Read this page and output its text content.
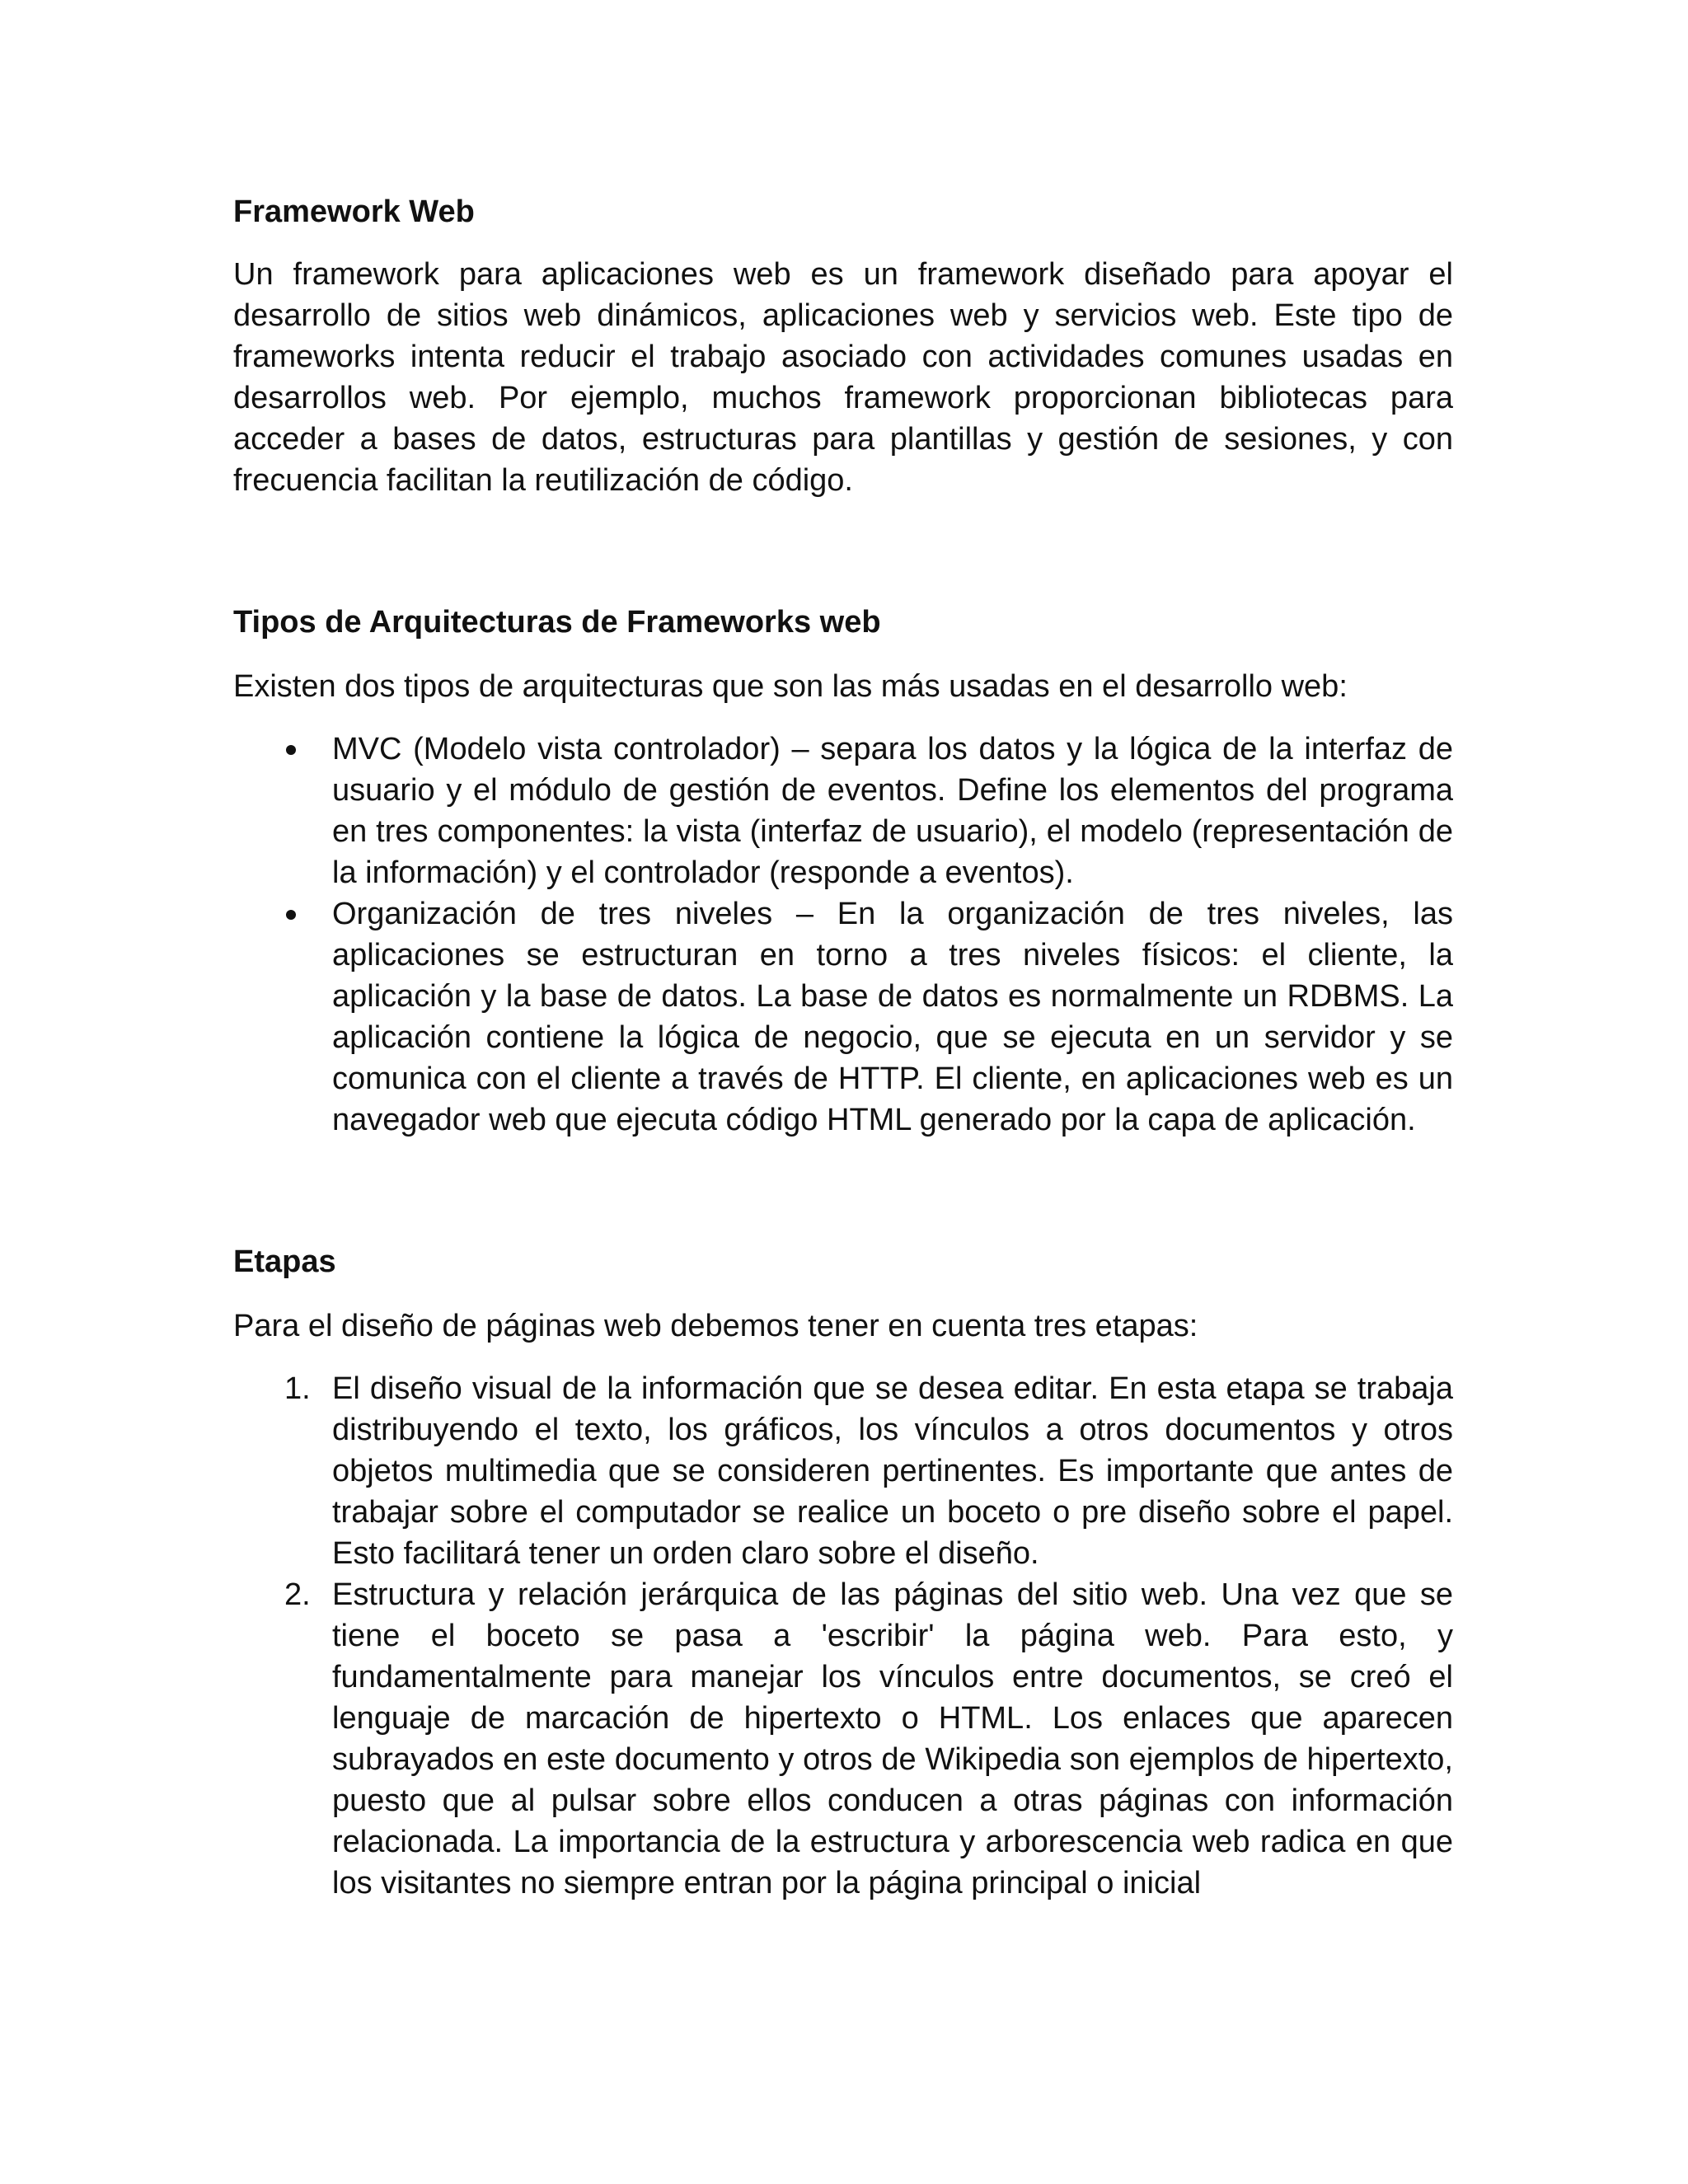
Framework Web

Un framework para aplicaciones web es un framework diseñado para apoyar el desarrollo de sitios web dinámicos, aplicaciones web y servicios web. Este tipo de frameworks intenta reducir el trabajo asociado con actividades comunes usadas en desarrollos web. Por ejemplo, muchos framework proporcionan bibliotecas para acceder a bases de datos, estructuras para plantillas y gestión de sesiones, y con frecuencia facilitan la reutilización de código.

Tipos de Arquitecturas de Frameworks web

Existen dos tipos de arquitecturas que son las más usadas en el desarrollo web:

MVC (Modelo vista controlador) – separa los datos y la lógica de la interfaz de usuario y el módulo de gestión de eventos. Define los elementos del programa en tres componentes: la vista (interfaz de usuario), el modelo (representación de la información) y el controlador (responde a eventos).
Organización de tres niveles – En la organización de tres niveles, las aplicaciones se estructuran en torno a tres niveles físicos: el cliente, la aplicación y la base de datos. La base de datos es normalmente un RDBMS. La aplicación contiene la lógica de negocio, que se ejecuta en un servidor y se comunica con el cliente a través de HTTP. El cliente, en aplicaciones web es un navegador web que ejecuta código HTML generado por la capa de aplicación.
Etapas

Para el diseño de páginas web debemos tener en cuenta tres etapas:

1. El diseño visual de la información que se desea editar. En esta etapa se trabaja distribuyendo el texto, los gráficos, los vínculos a otros documentos y otros objetos multimedia que se consideren pertinentes. Es importante que antes de trabajar sobre el computador se realice un boceto o pre diseño sobre el papel. Esto facilitará tener un orden claro sobre el diseño.
2. Estructura y relación jerárquica de las páginas del sitio web. Una vez que se tiene el boceto se pasa a 'escribir' la página web. Para esto, y fundamentalmente para manejar los vínculos entre documentos, se creó el lenguaje de marcación de hipertexto o HTML. Los enlaces que aparecen subrayados en este documento y otros de Wikipedia son ejemplos de hipertexto, puesto que al pulsar sobre ellos conducen a otras páginas con información relacionada. La importancia de la estructura y arborescencia web radica en que los visitantes no siempre entran por la página principal o inicial
